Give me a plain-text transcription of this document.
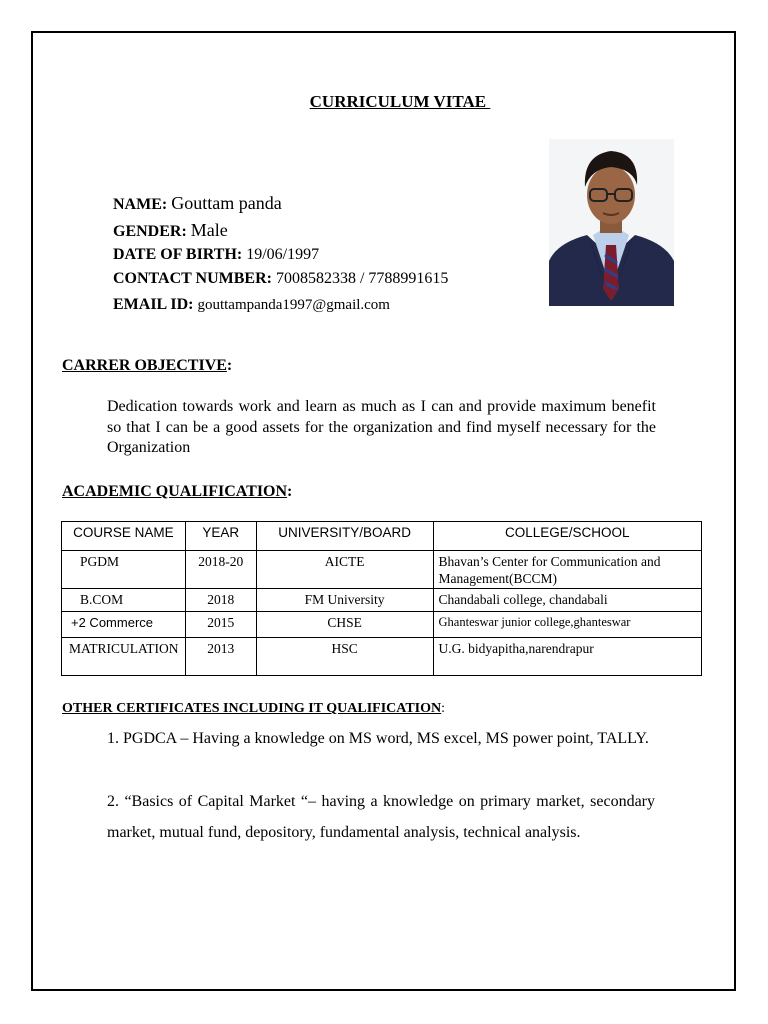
CURRICULUM VITAE
NAME: Gouttam panda
GENDER: Male
DATE OF BIRTH: 19/06/1997
CONTACT NUMBER: 7008582338 / 7788991615
EMAIL ID: gouttampanda1997@gmail.com
CARRER OBJECTIVE:
Dedication towards work and learn as much as I can and provide maximum benefit so that I can be a good assets for the organization and find myself necessary for the Organization
ACADEMIC QUALIFICATION:
COURSE NAME	YEAR	UNIVERSITY/BOARD	COLLEGE/SCHOOL
PGDM	2018-20	AICTE	Bhavan’s Center for Communication and Management(BCCM)
B.COM	2018	FM University	Chandabali college, chandabali
+2 Commerce	2015	CHSE	Ghanteswar junior college,ghanteswar
MATRICULATION	2013	HSC	U.G. bidyapitha,narendrapur
OTHER CERTIFICATES INCLUDING IT QUALIFICATION:
1. PGDCA – Having a knowledge on MS word, MS excel, MS power point, TALLY.
2. “Basics of Capital Market “– having a knowledge on primary market, secondary market, mutual fund, depository, fundamental analysis, technical analysis.
